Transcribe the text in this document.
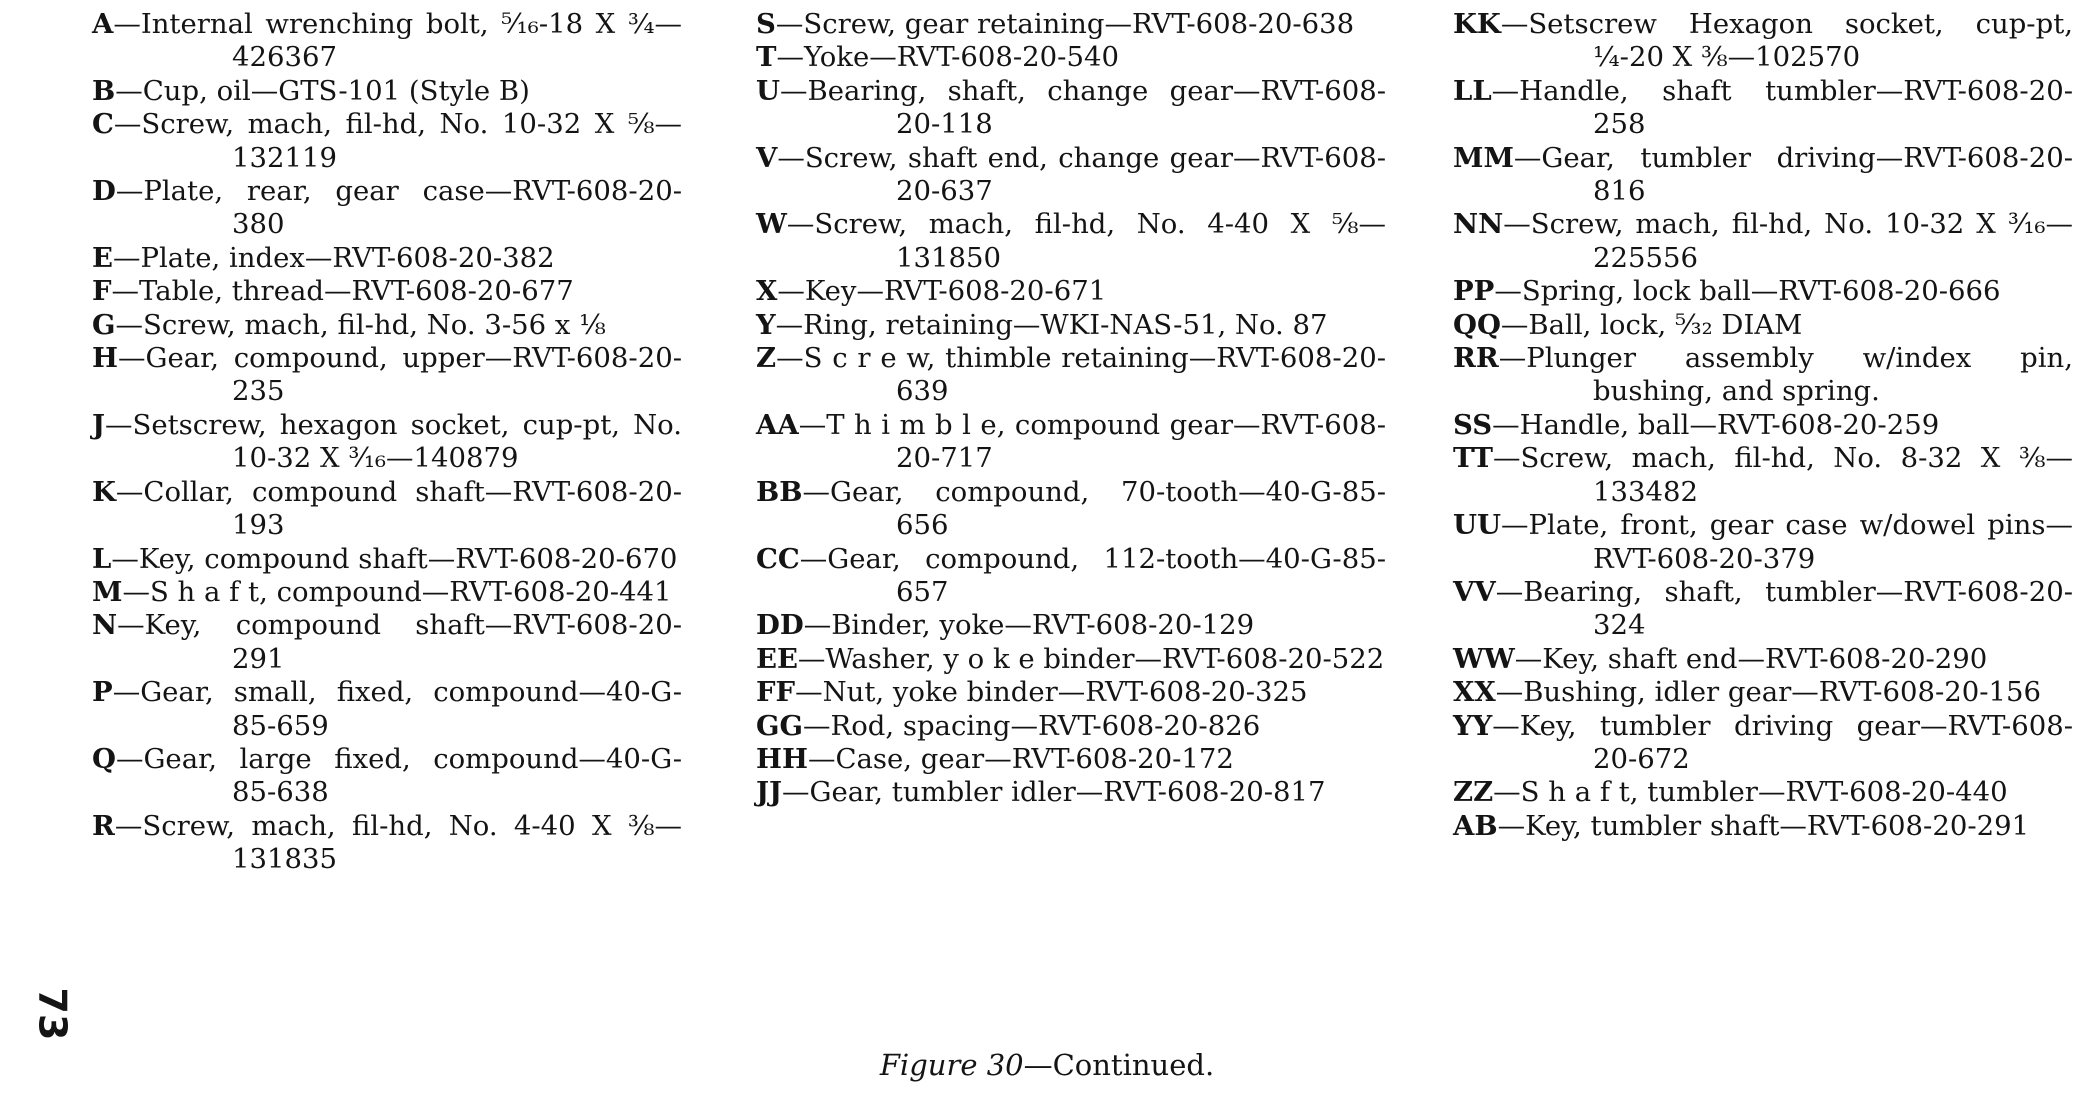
A—Internal wrenching bolt, ⁵⁄₁₆-18 X ¾—426367
B—Cup, oil—GTS-101 (Style B)
C—Screw, mach, fil-hd, No. 10-32 X ⅝—132119
D—Plate, rear, gear case—RVT-608-20-380
E—Plate, index—RVT-608-20-382
F—Table, thread—RVT-608-20-677
G—Screw, mach, fil-hd, No. 3-56 x ⅛
H—Gear, compound, upper—RVT-608-20-235
J—Setscrew, hexagon socket, cup-pt, No. 10-32 X ³⁄₁₆—140879
K—Collar, compound shaft—RVT-608-20-193
L—Key, compound shaft—RVT-608-20-670
M—S h a f t, compound—RVT-608-20-441
N—Key, compound shaft—RVT-608-20-291
P—Gear, small, fixed, compound—40-G-85-659
Q—Gear, large fixed, compound—40-G-85-638
R—Screw, mach, fil-hd, No. 4-40 X ⅜—131835
S—Screw, gear retaining—RVT-608-20-638
T—Yoke—RVT-608-20-540
U—Bearing, shaft, change gear—RVT-608-20-118
V—Screw, shaft end, change gear—RVT-608-20-637
W—Screw, mach, fil-hd, No. 4-40 X ⅝—131850
X—Key—RVT-608-20-671
Y—Ring, retaining—WKI-NAS-51, No. 87
Z—S c r e w, thimble retaining—RVT-608-20-639
AA—T h i m b l e, compound gear—RVT-608-20-717
BB—Gear, compound, 70-tooth—40-G-85-656
CC—Gear, compound, 112-tooth—40-G-85-657
DD—Binder, yoke—RVT-608-20-129
EE—Washer, y o k e binder—RVT-608-20-522
FF—Nut, yoke binder—RVT-608-20-325
GG—Rod, spacing—RVT-608-20-826
HH—Case, gear—RVT-608-20-172
JJ—Gear, tumbler idler—RVT-608-20-817
KK—Setscrew Hexagon socket, cup-pt, ¼-20 X ⅜—102570
LL—Handle, shaft tumbler—RVT-608-20-258
MM—Gear, tumbler driving—RVT-608-20-816
NN—Screw, mach, fil-hd, No. 10-32 X ³⁄₁₆—225556
PP—Spring, lock ball—RVT-608-20-666
QQ—Ball, lock, ⁵⁄₃₂ DIAM
RR—Plunger assembly w/index pin, bushing, and spring.
SS—Handle, ball—RVT-608-20-259
TT—Screw, mach, fil-hd, No. 8-32 X ⅜—133482
UU—Plate, front, gear case w/dowel pins—RVT-608-20-379
VV—Bearing, shaft, tumbler—RVT-608-20-324
WW—Key, shaft end—RVT-608-20-290
XX—Bushing, idler gear—RVT-608-20-156
YY—Key, tumbler driving gear—RVT-608-20-672
ZZ—S h a f t, tumbler—RVT-608-20-440
AB—Key, tumbler shaft—RVT-608-20-291
73
Figure 30—Continued.
